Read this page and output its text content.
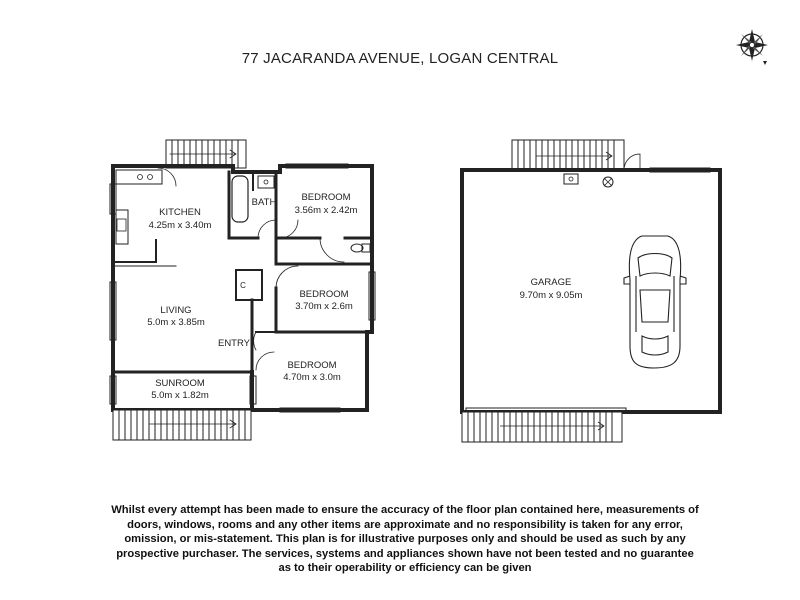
77 JACARANDA AVENUE, LOGAN CENTRAL
KITCHEN
4.25m x 3.40m
BATH	BEDROOM
3.56m x 2.42m
BEDROOM
3.70m x 2.6m
LIVING
5.0m x 3.85m
ENTRY
BEDROOM
4.70m x 3.0m
SUNROOM
5.0m x 1.82m
C	GARAGE
9.70m x 9.05m
Whilst every attempt has been made to ensure the accuracy of the floor plan contained here, measurements of doors, windows, rooms and any other items are approximate and no responsibility is taken for any error, omission, or mis-statement. This plan is for illustrative purposes only and should be used as such by any prospective purchaser. The services, systems and appliances shown have not been tested and no guarantee as to their operability or efficiency can be given
